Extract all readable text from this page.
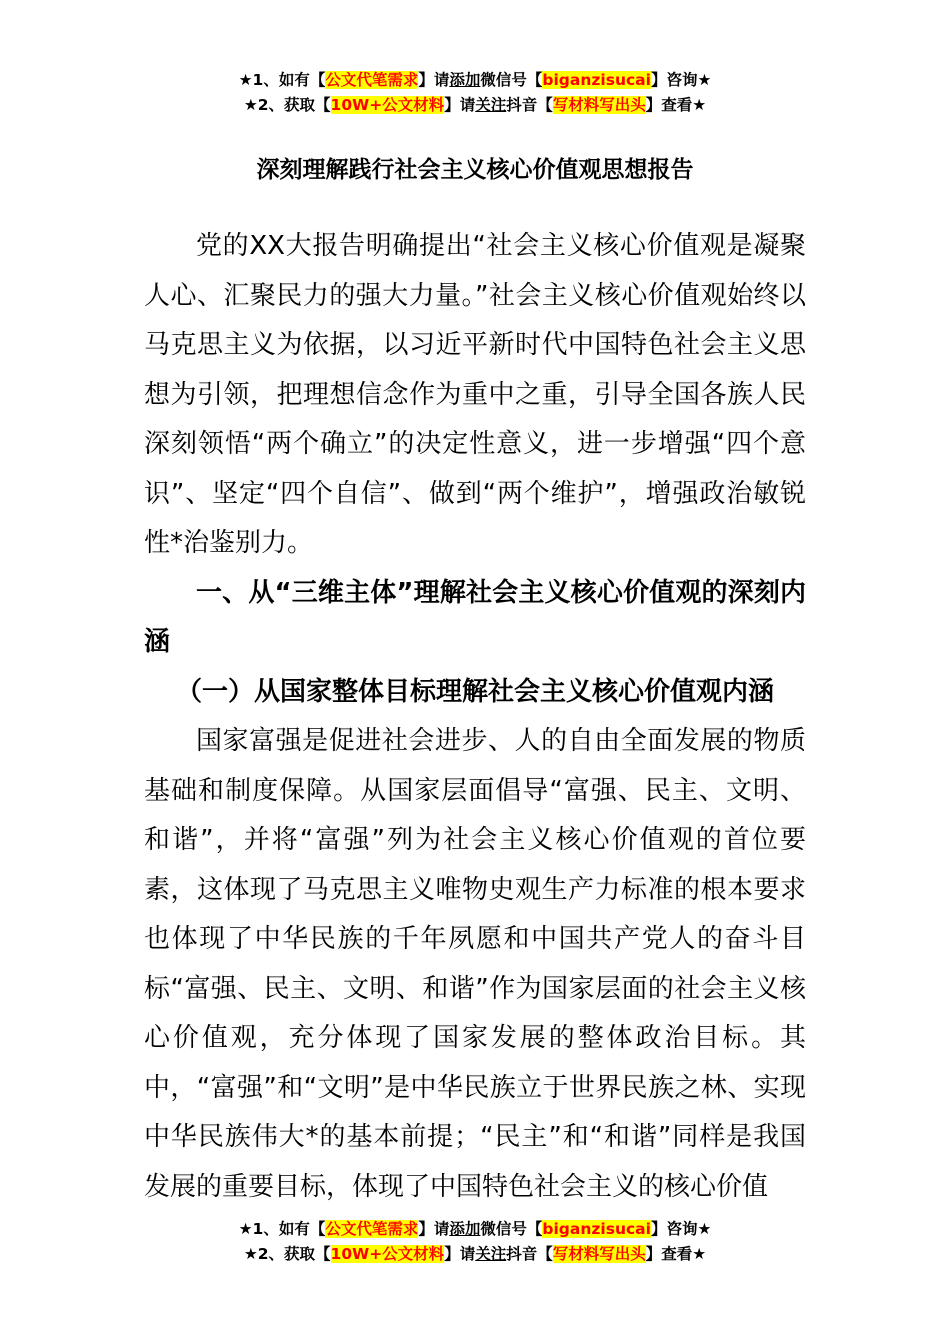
★1、如有【公文代笔需求】请添加微信号【biganzisucai】咨询★
★2、获取【10W+公文材料】请关注抖音【写材料写出头】查看★
深刻理解践行社会主义核心价值观思想报告

党的XX大报告明确提出“社会主义核心价值观是凝聚人心、汇聚民力的强大力量。”社会主义核心价值观始终以马克思主义为依据，以习近平新时代中国特色社会主义思想为引领，把理想信念作为重中之重，引导全国各族人民深刻领悟“两个确立”的决定性意义，进一步增强“四个意识”、坚定“四个自信”、做到“两个维护”，增强政治敏锐性*治鉴别力。

一、从“三维主体”理解社会主义核心价值观的深刻内涵

（一）从国家整体目标理解社会主义核心价值观内涵

国家富强是促进社会进步、人的自由全面发展的物质基础和制度保障。从国家层面倡导“富强、民主、文明、和谐”，并将“富强”列为社会主义核心价值观的首位要素，这体现了马克思主义唯物史观生产力标准的根本要求也体现了中华民族的千年夙愿和中国共产党人的奋斗目标“富强、民主、文明、和谐”作为国家层面的社会主义核心价值观，充分体现了国家发展的整体政治目标。其中，“富强”和“文明”是中华民族立于世界民族之林、实现中华民族伟大*的基本前提；“民主”和“和谐”同样是我国发展的重要目标，体现了中国特色社会主义的核心价值

★1、如有【公文代笔需求】请添加微信号【biganzisucai】咨询★
★2、获取【10W+公文材料】请关注抖音【写材料写出头】查看★
